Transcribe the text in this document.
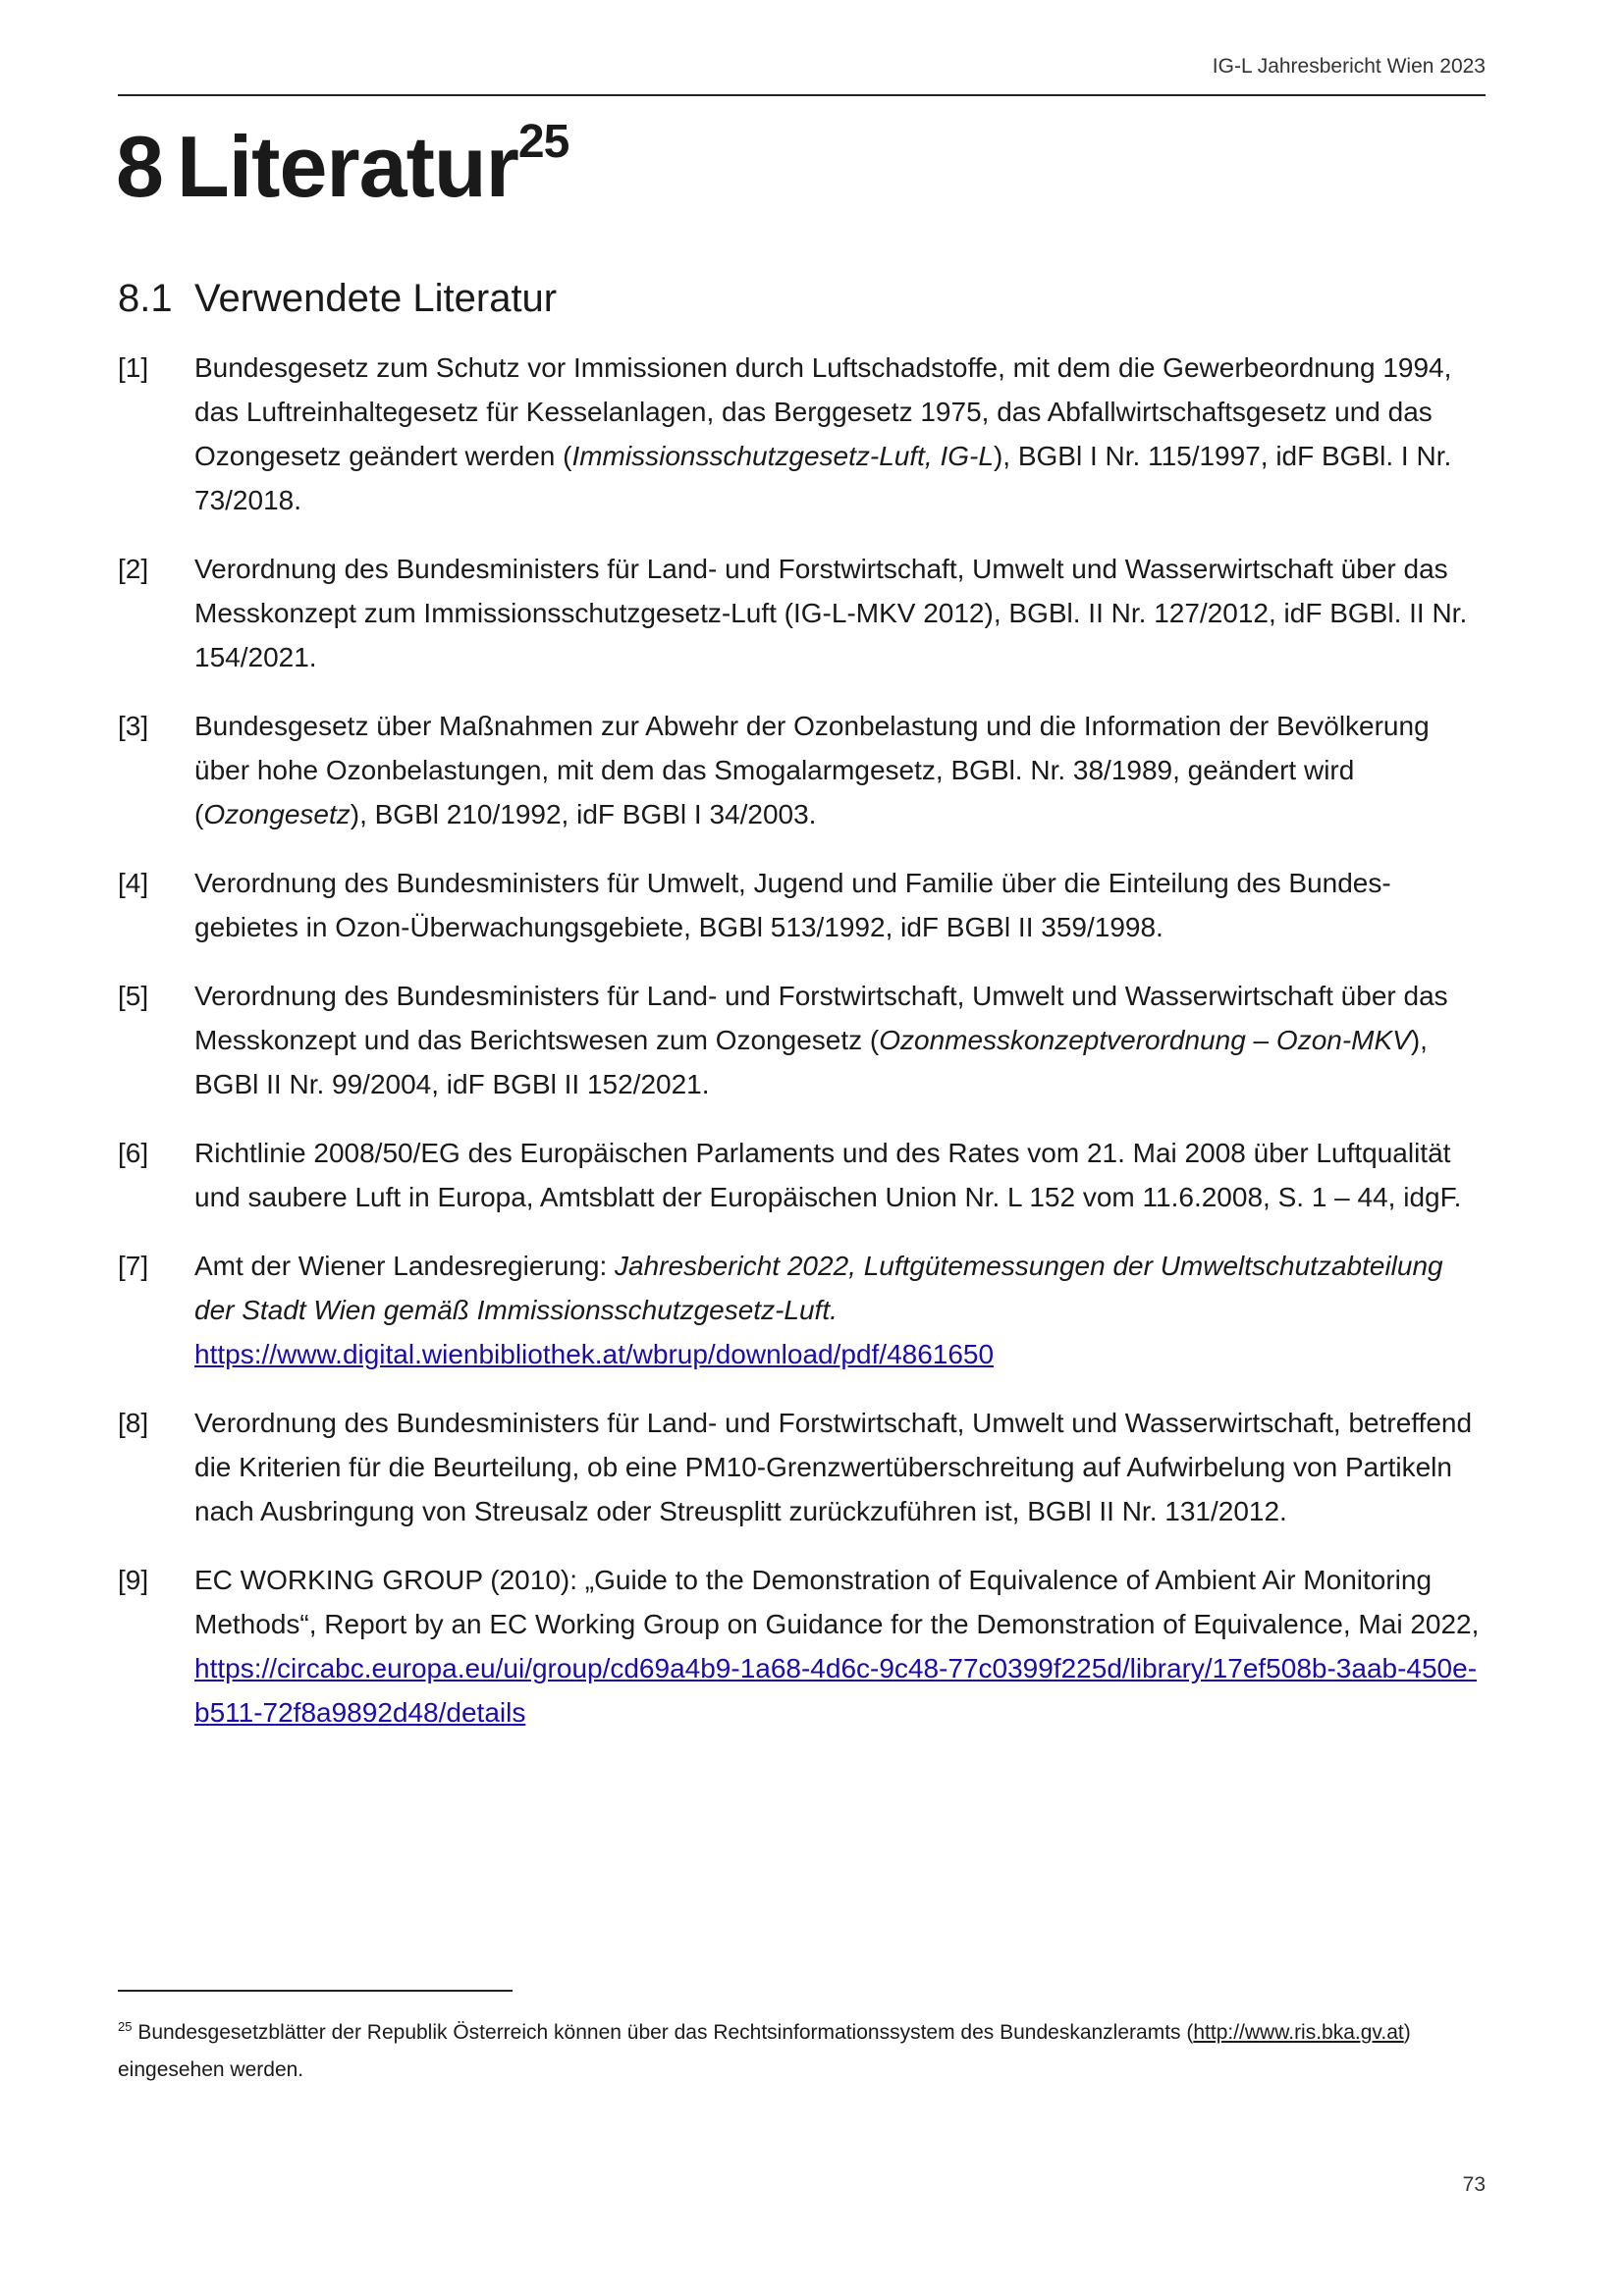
IG-L Jahresbericht Wien 2023
8 Literatur$^{25}$
8.1 Verwendete Literatur
[1] Bundesgesetz zum Schutz vor Immissionen durch Luftschadstoffe, mit dem die Gewerbeordnung 1994, das Luftreinhaltegesetz für Kesselanlagen, das Berggesetz 1975, das Abfallwirtschaftsgesetz und das Ozongesetz geändert werden (Immissionsschutzgesetz-Luft, IG-L), BGBl I Nr. 115/1997, idF BGBl. I Nr. 73/2018.
[2] Verordnung des Bundesministers für Land- und Forstwirtschaft, Umwelt und Wasserwirtschaft über das Messkonzept zum Immissionsschutzgesetz-Luft (IG-L-MKV 2012), BGBl. II Nr. 127/2012, idF BGBl. II Nr. 154/2021.
[3] Bundesgesetz über Maßnahmen zur Abwehr der Ozonbelastung und die Information der Bevölkerung über hohe Ozonbelastungen, mit dem das Smogalarmgesetz, BGBl. Nr. 38/1989, geändert wird (Ozongesetz), BGBl 210/1992, idF BGBl I 34/2003.
[4] Verordnung des Bundesministers für Umwelt, Jugend und Familie über die Einteilung des Bundes-gebietes in Ozon-Überwachungsgebiete, BGBl 513/1992, idF BGBl II 359/1998.
[5] Verordnung des Bundesministers für Land- und Forstwirtschaft, Umwelt und Wasserwirtschaft über das Messkonzept und das Berichtswesen zum Ozongesetz (Ozonmesskonzeptverordnung – Ozon-MKV), BGBl II Nr. 99/2004, idF BGBl II 152/2021.
[6] Richtlinie 2008/50/EG des Europäischen Parlaments und des Rates vom 21. Mai 2008 über Luftqualität und saubere Luft in Europa, Amtsblatt der Europäischen Union Nr. L 152 vom 11.6.2008, S. 1 – 44, idgF.
[7] Amt der Wiener Landesregierung: Jahresbericht 2022, Luftgütemessungen der Umweltschutzabteilung der Stadt Wien gemäß Immissionsschutzgesetz-Luft.
https://www.digital.wienbibliothek.at/wbrup/download/pdf/4861650
[8] Verordnung des Bundesministers für Land- und Forstwirtschaft, Umwelt und Wasserwirtschaft, betreffend die Kriterien für die Beurteilung, ob eine PM10-Grenzwertüberschreitung auf Aufwirbelung von Partikeln nach Ausbringung von Streusalz oder Streusplitt zurückzuführen ist, BGBl II Nr. 131/2012.
[9] EC WORKING GROUP (2010): „Guide to the Demonstration of Equivalence of Ambient Air Monitoring Methods“, Report by an EC Working Group on Guidance for the Demonstration of Equivalence, Mai 2022,
https://circabc.europa.eu/ui/group/cd69a4b9-1a68-4d6c-9c48-77c0399f225d/library/17ef508b-3aab-450e-b511-72f8a9892d48/details
$^{25}$ Bundesgesetzblätter der Republik Österreich können über das Rechtsinformationssystem des Bundeskanzleramts (http://www.ris.bka.gv.at) eingesehen werden.
73
